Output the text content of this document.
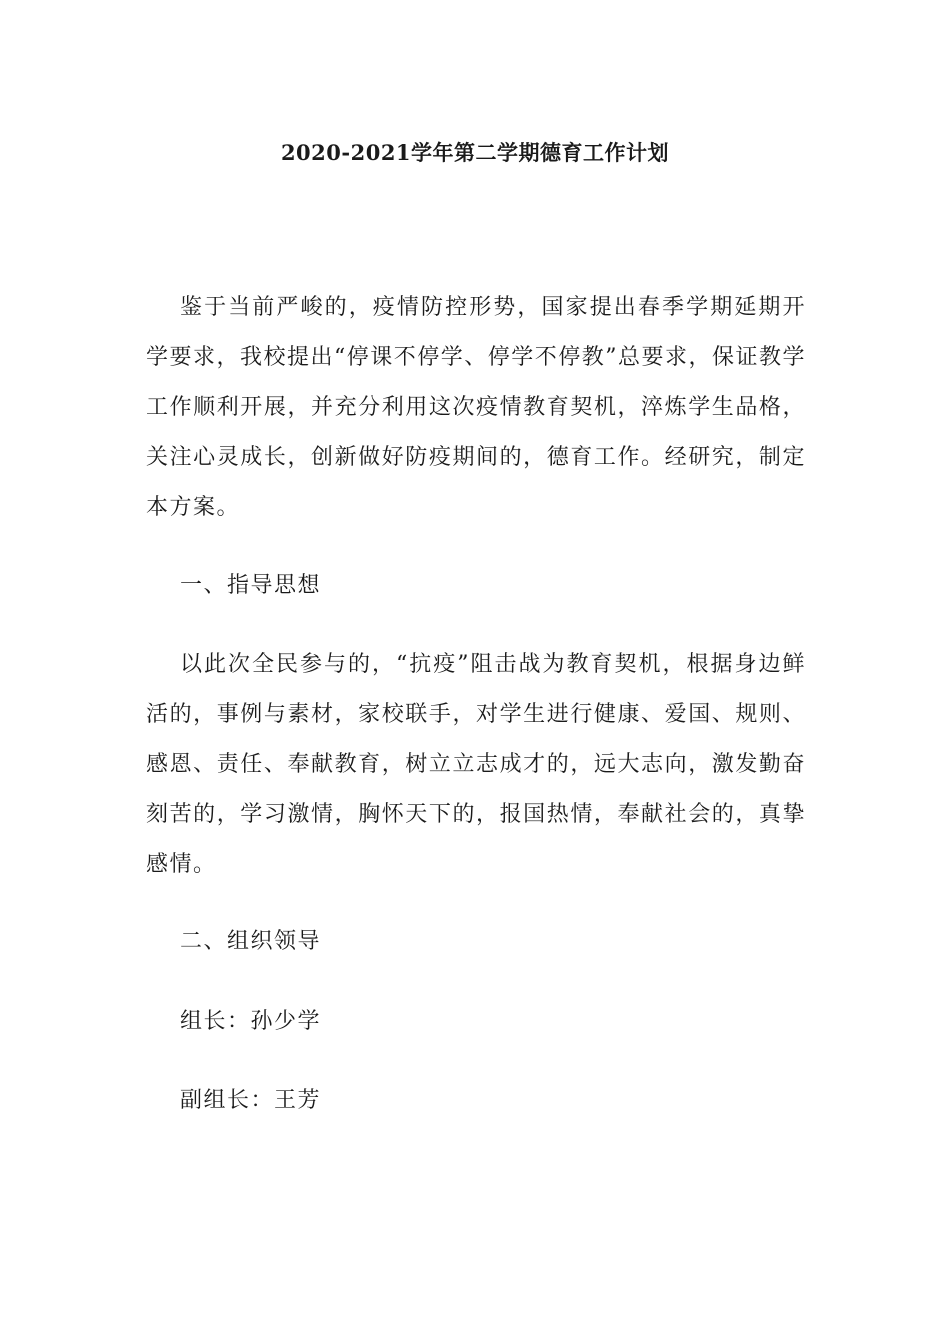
2020-2021学年第二学期德育工作计划

鉴于当前严峻的，疫情防控形势，国家提出春季学期延期开学要求，我校提出“停课不停学、停学不停教”总要求，保证教学工作顺利开展，并充分利用这次疫情教育契机，淬炼学生品格，关注心灵成长，创新做好防疫期间的，德育工作。经研究，制定本方案。

一、指导思想

以此次全民参与的，“抗疫”阻击战为教育契机，根据身边鲜活的，事例与素材，家校联手，对学生进行健康、爱国、规则、感恩、责任、奉献教育，树立立志成才的，远大志向，激发勤奋刻苦的，学习激情，胸怀天下的，报国热情，奉献社会的，真挚感情。

二、组织领导

组长：孙少学

副组长：王芳
